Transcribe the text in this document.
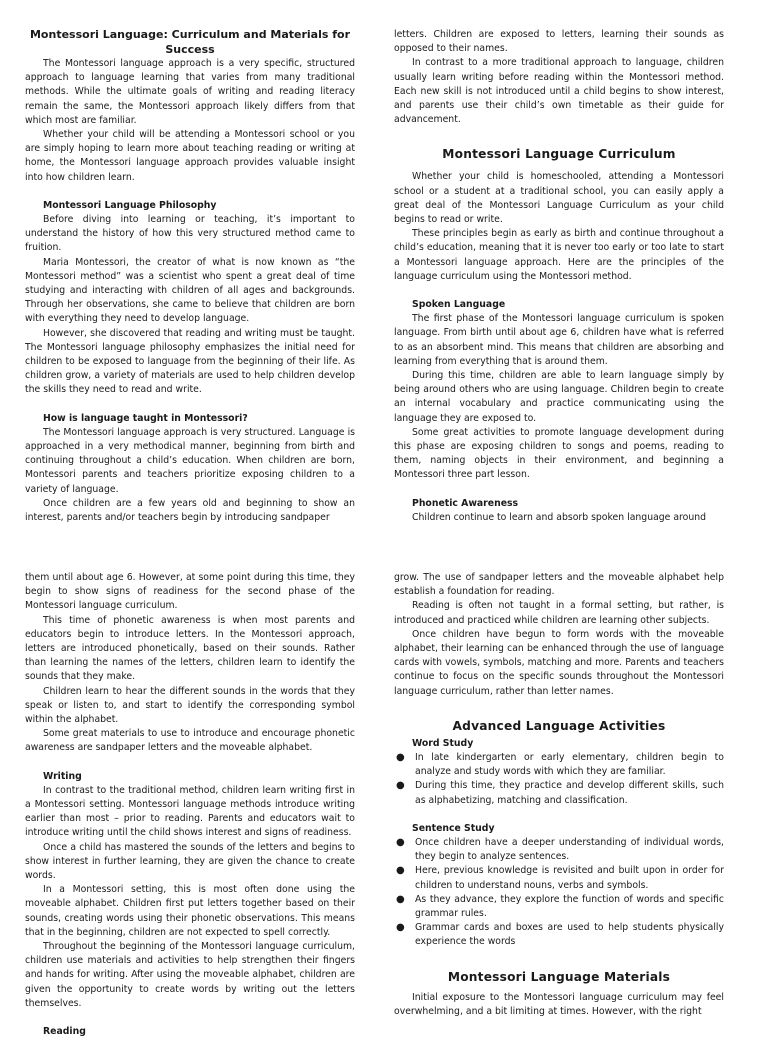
Montessori Language: Curriculum and Materials for Success

The Montessori language approach is a very specific, structured approach to language learning that varies from many traditional methods. While the ultimate goals of writing and reading literacy remain the same, the Montessori approach likely differs from that which most are familiar.

Whether your child will be attending a Montessori school or you are simply hoping to learn more about teaching reading or writing at home, the Montessori language approach provides valuable insight into how children learn.

Montessori Language Philosophy

Before diving into learning or teaching, it’s important to understand the history of how this very structured method came to fruition.

Maria Montessori, the creator of what is now known as “the Montessori method” was a scientist who spent a great deal of time studying and interacting with children of all ages and backgrounds. Through her observations, she came to believe that children are born with everything they need to develop language.

However, she discovered that reading and writing must be taught. The Montessori language philosophy emphasizes the initial need for children to be exposed to language from the beginning of their life. As children grow, a variety of materials are used to help children develop the skills they need to read and write.

How is language taught in Montessori?

The Montessori language approach is very structured. Language is approached in a very methodical manner, beginning from birth and continuing throughout a child’s education. When children are born, Montessori parents and teachers prioritize exposing children to a variety of language.

Once children are a few years old and beginning to show an interest, parents and/or teachers begin by introducing sandpaper

letters. Children are exposed to letters, learning their sounds as opposed to their names.

In contrast to a more traditional approach to language, children usually learn writing before reading within the Montessori method. Each new skill is not introduced until a child begins to show interest, and parents use their child’s own timetable as their guide for advancement.

Montessori Language Curriculum

Whether your child is homeschooled, attending a Montessori school or a student at a traditional school, you can easily apply a great deal of the Montessori Language Curriculum as your child begins to read or write.

These principles begin as early as birth and continue throughout a child’s education, meaning that it is never too early or too late to start a Montessori language approach. Here are the principles of the language curriculum using the Montessori method.

Spoken Language

The first phase of the Montessori language curriculum is spoken language. From birth until about age 6, children have what is referred to as an absorbent mind. This means that children are absorbing and learning from everything that is around them.

During this time, children are able to learn language simply by being around others who are using language. Children begin to create an internal vocabulary and practice communicating using the language they are exposed to.

Some great activities to promote language development during this phase are exposing children to songs and poems, reading to them, naming objects in their environment, and beginning a Montessori three part lesson.

Phonetic Awareness

Children continue to learn and absorb spoken language around

them until about age 6. However, at some point during this time, they begin to show signs of readiness for the second phase of the Montessori language curriculum.

This time of phonetic awareness is when most parents and educators begin to introduce letters. In the Montessori approach, letters are introduced phonetically, based on their sounds. Rather than learning the names of the letters, children learn to identify the sounds that they make.

Children learn to hear the different sounds in the words that they speak or listen to, and start to identify the corresponding symbol within the alphabet.

Some great materials to use to introduce and encourage phonetic awareness are sandpaper letters and the moveable alphabet.

Writing

In contrast to the traditional method, children learn writing first in a Montessori setting. Montessori language methods introduce writing earlier than most – prior to reading. Parents and educators wait to introduce writing until the child shows interest and signs of readiness.

Once a child has mastered the sounds of the letters and begins to show interest in further learning, they are given the chance to create words.

In a Montessori setting, this is most often done using the moveable alphabet. Children first put letters together based on their sounds, creating words using their phonetic observations. This means that in the beginning, children are not expected to spell correctly.

Throughout the beginning of the Montessori language curriculum, children use materials and activities to help strengthen their fingers and hands for writing. After using the moveable alphabet, children are given the opportunity to create words by writing out the letters themselves.

Reading

grow. The use of sandpaper letters and the moveable alphabet help establish a foundation for reading.

Reading is often not taught in a formal setting, but rather, is introduced and practiced while children are learning other subjects.

Once children have begun to form words with the moveable alphabet, their learning can be enhanced through the use of language cards with vowels, symbols, matching and more. Parents and teachers continue to focus on the specific sounds throughout the Montessori language curriculum, rather than letter names.

Advanced Language Activities
Word Study
● In late kindergarten or early elementary, children begin to analyze and study words with which they are familiar.
● During this time, they practice and develop different skills, such as alphabetizing, matching and classification.
Sentence Study
● Once children have a deeper understanding of individual words, they begin to analyze sentences.
● Here, previous knowledge is revisited and built upon in order for children to understand nouns, verbs and symbols.
● As they advance, they explore the function of words and specific grammar rules.
● Grammar cards and boxes are used to help students physically experience the words
Montessori Language Materials

Initial exposure to the Montessori language curriculum may feel overwhelming, and a bit limiting at times. However, with the right
